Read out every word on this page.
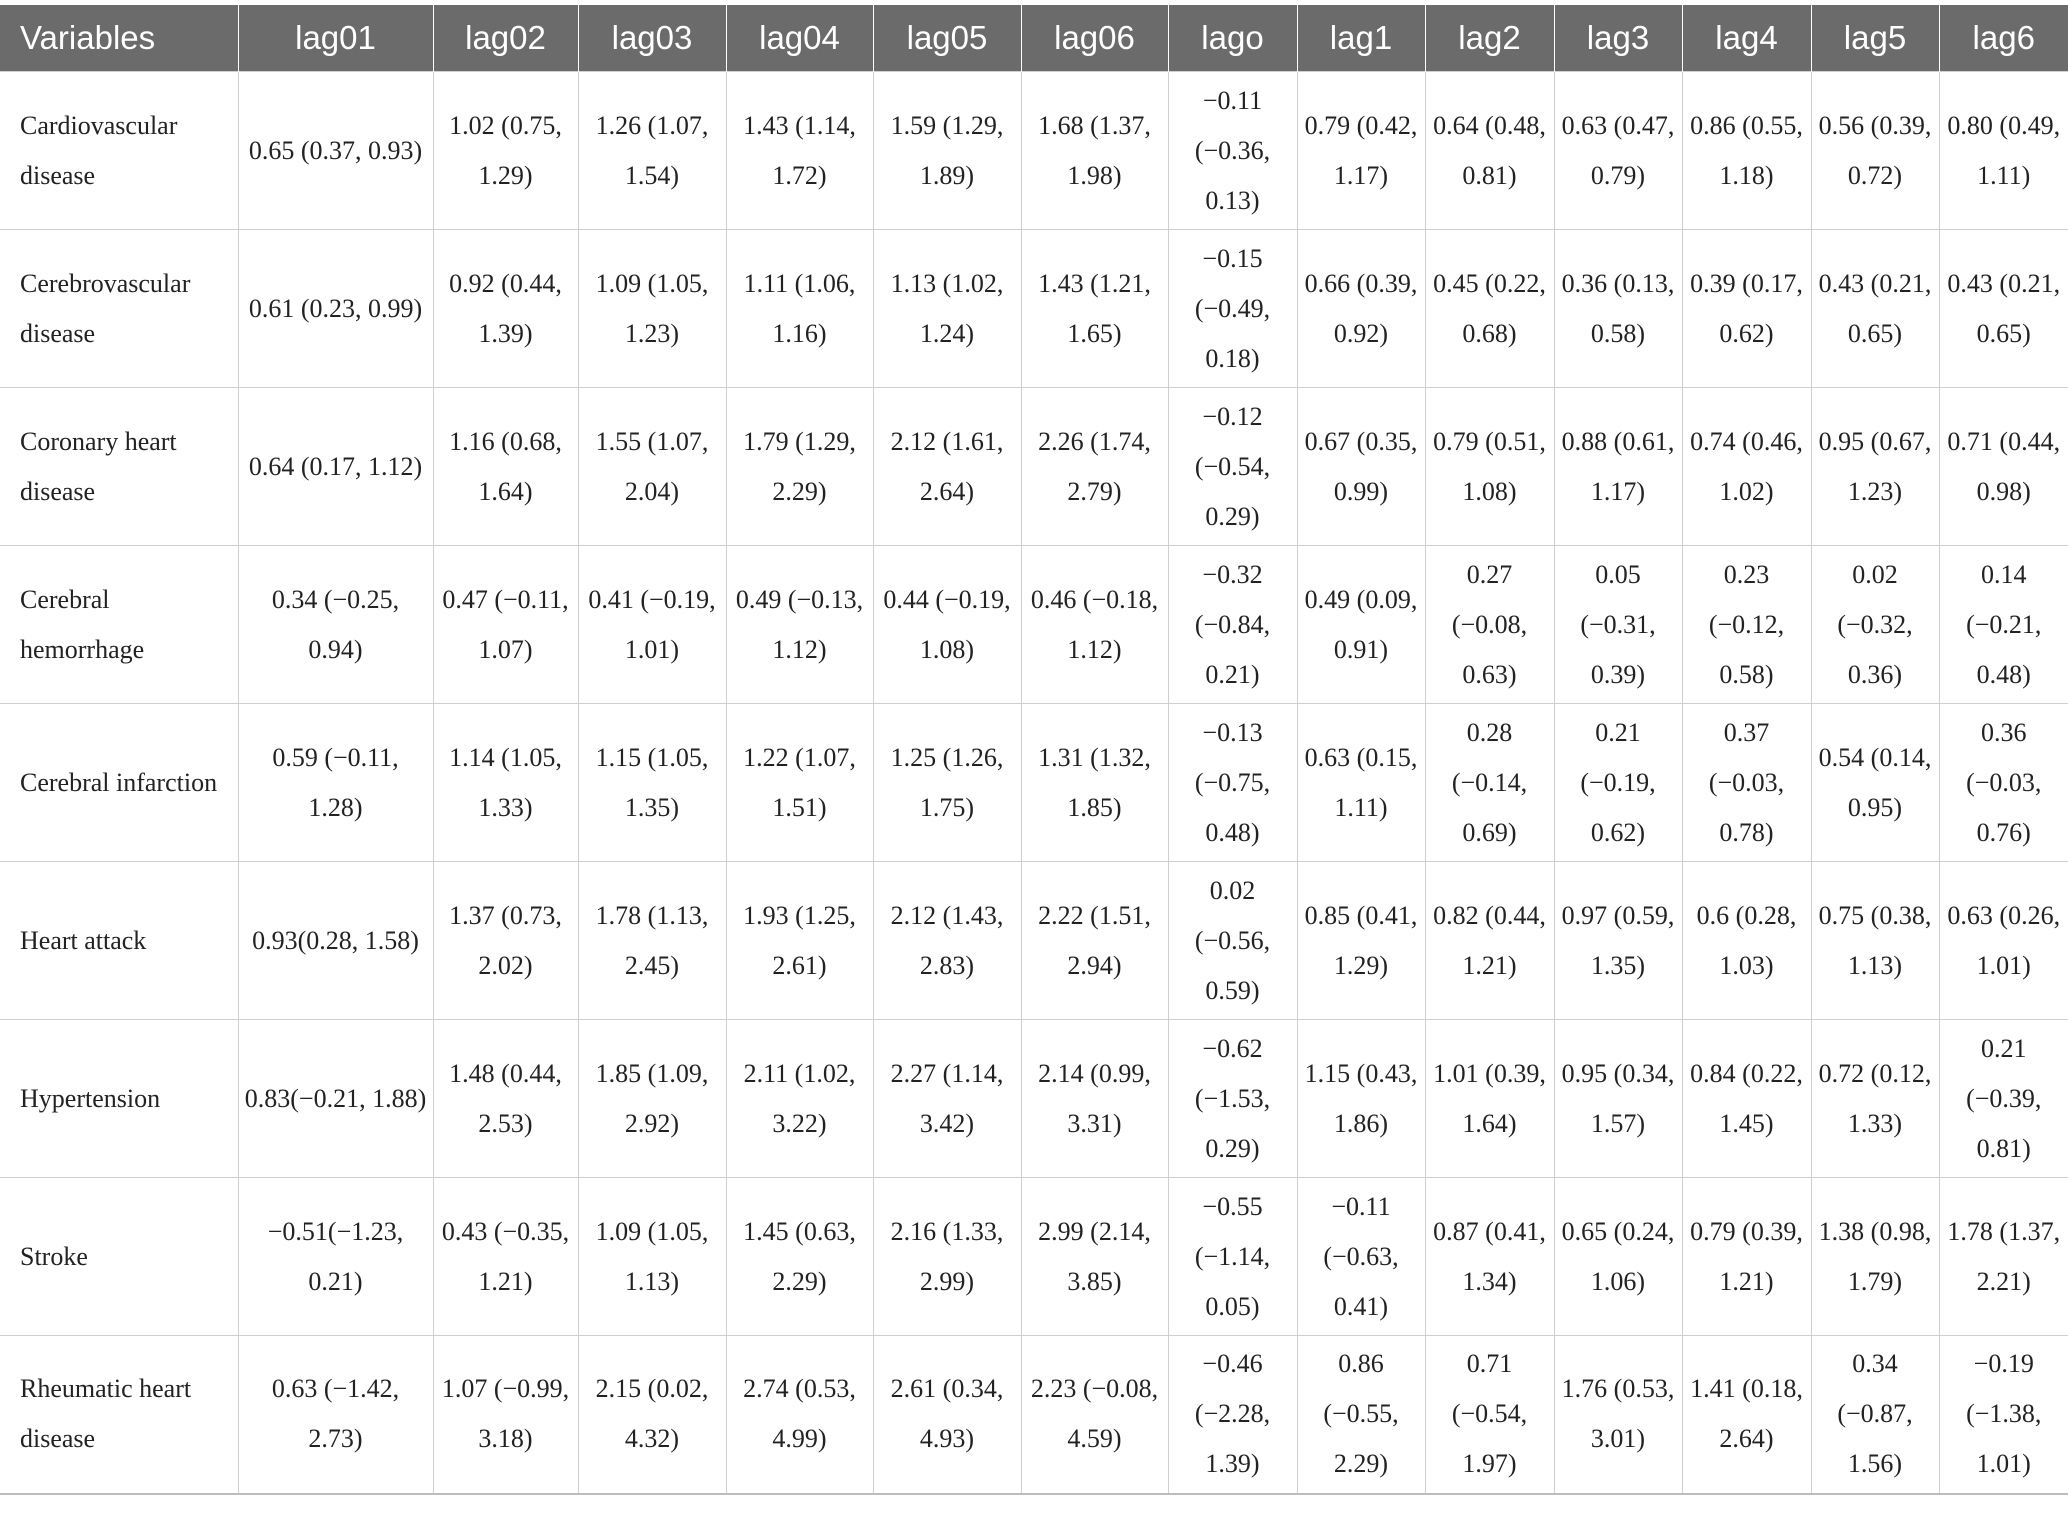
Variables	lag01	lag02	lag03	lag04	lag05	lag06	lago	lag1	lag2	lag3	lag4	lag5	lag6
Cardiovascular disease	0.65 (0.37, 0.93)	1.02 (0.75, 1.29)	1.26 (1.07, 1.54)	1.43 (1.14, 1.72)	1.59 (1.29, 1.89)	1.68 (1.37, 1.98)	−0.11 (−0.36, 0.13)	0.79 (0.42, 1.17)	0.64 (0.48, 0.81)	0.63 (0.47, 0.79)	0.86 (0.55, 1.18)	0.56 (0.39, 0.72)	0.80 (0.49, 1.11)
Cerebrovascular disease	0.61 (0.23, 0.99)	0.92 (0.44, 1.39)	1.09 (1.05, 1.23)	1.11 (1.06, 1.16)	1.13 (1.02, 1.24)	1.43 (1.21, 1.65)	−0.15 (−0.49, 0.18)	0.66 (0.39, 0.92)	0.45 (0.22, 0.68)	0.36 (0.13, 0.58)	0.39 (0.17, 0.62)	0.43 (0.21, 0.65)	0.43 (0.21, 0.65)
Coronary heart disease	0.64 (0.17, 1.12)	1.16 (0.68, 1.64)	1.55 (1.07, 2.04)	1.79 (1.29, 2.29)	2.12 (1.61, 2.64)	2.26 (1.74, 2.79)	−0.12 (−0.54, 0.29)	0.67 (0.35, 0.99)	0.79 (0.51, 1.08)	0.88 (0.61, 1.17)	0.74 (0.46, 1.02)	0.95 (0.67, 1.23)	0.71 (0.44, 0.98)
Cerebral hemorrhage	0.34 (−0.25, 0.94)	0.47 (−0.11, 1.07)	0.41 (−0.19, 1.01)	0.49 (−0.13, 1.12)	0.44 (−0.19, 1.08)	0.46 (−0.18, 1.12)	−0.32 (−0.84, 0.21)	0.49 (0.09, 0.91)	0.27 (−0.08, 0.63)	0.05 (−0.31, 0.39)	0.23 (−0.12, 0.58)	0.02 (−0.32, 0.36)	0.14 (−0.21, 0.48)
Cerebral infarction	0.59 (−0.11, 1.28)	1.14 (1.05, 1.33)	1.15 (1.05, 1.35)	1.22 (1.07, 1.51)	1.25 (1.26, 1.75)	1.31 (1.32, 1.85)	−0.13 (−0.75, 0.48)	0.63 (0.15, 1.11)	0.28 (−0.14, 0.69)	0.21 (−0.19, 0.62)	0.37 (−0.03, 0.78)	0.54 (0.14, 0.95)	0.36 (−0.03, 0.76)
Heart attack	0.93(0.28, 1.58)	1.37 (0.73, 2.02)	1.78 (1.13, 2.45)	1.93 (1.25, 2.61)	2.12 (1.43, 2.83)	2.22 (1.51, 2.94)	0.02 (−0.56, 0.59)	0.85 (0.41, 1.29)	0.82 (0.44, 1.21)	0.97 (0.59, 1.35)	0.6 (0.28, 1.03)	0.75 (0.38, 1.13)	0.63 (0.26, 1.01)
Hypertension	0.83(−0.21, 1.88)	1.48 (0.44, 2.53)	1.85 (1.09, 2.92)	2.11 (1.02, 3.22)	2.27 (1.14, 3.42)	2.14 (0.99, 3.31)	−0.62 (−1.53, 0.29)	1.15 (0.43, 1.86)	1.01 (0.39, 1.64)	0.95 (0.34, 1.57)	0.84 (0.22, 1.45)	0.72 (0.12, 1.33)	0.21 (−0.39, 0.81)
Stroke	−0.51(−1.23, 0.21)	0.43 (−0.35, 1.21)	1.09 (1.05, 1.13)	1.45 (0.63, 2.29)	2.16 (1.33, 2.99)	2.99 (2.14, 3.85)	−0.55 (−1.14, 0.05)	−0.11 (−0.63, 0.41)	0.87 (0.41, 1.34)	0.65 (0.24, 1.06)	0.79 (0.39, 1.21)	1.38 (0.98, 1.79)	1.78 (1.37, 2.21)
Rheumatic heart disease	0.63 (−1.42, 2.73)	1.07 (−0.99, 3.18)	2.15 (0.02, 4.32)	2.74 (0.53, 4.99)	2.61 (0.34, 4.93)	2.23 (−0.08, 4.59)	−0.46 (−2.28, 1.39)	0.86 (−0.55, 2.29)	0.71 (−0.54, 1.97)	1.76 (0.53, 3.01)	1.41 (0.18, 2.64)	0.34 (−0.87, 1.56)	−0.19 (−1.38, 1.01)
